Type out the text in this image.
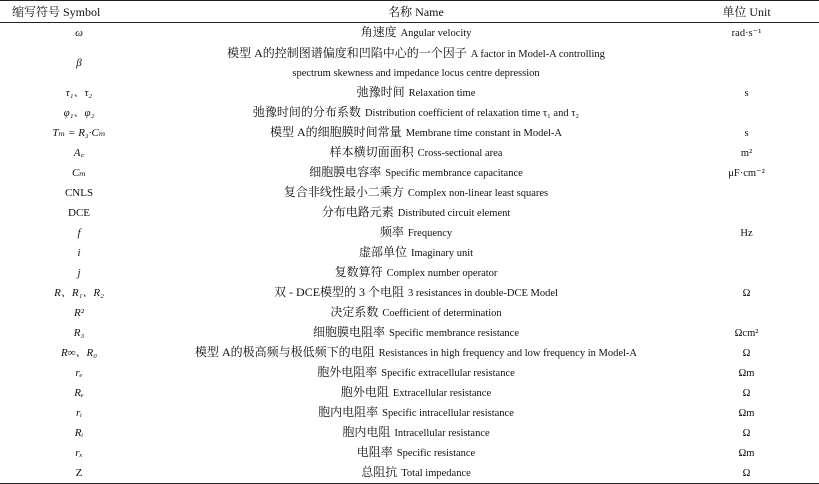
缩写符号 Symbol	名称 Name	单位 Unit
ω	角速度 Angular velocity	rad·s⁻¹
β	模型 A的控制图谱偏度和凹陷中心的一个因子 A factor in Model-A controlling
spectrum skewness and impedance locus centre depression	

τ₁、τ₂	弛豫时间 Relaxation time	s
φ₁、φ₂	弛豫时间的分布系数 Distribution coefficient of relaxation time τ₁ and τ₂	

Tₘ = R₃·Cₘ	模型 A的细胞膜时间常量 Membrane time constant in Model-A	s
A꜀	样本横切面面积 Cross-sectional area	m²
Cₘ	细胞膜电容率 Specific membrance capacitance	μF·cm⁻²
CNLS	复合非线性最小二乘方 Complex non-linear least squares	

DCE	分布电路元素 Distributed circuit element	

f	频率 Frequency	Hz
i	虚部单位 Imaginary unit	

j	复数算符 Complex number operator	

R、R₁、R₂	双 - DCE模型的 3 个电阻 3 resistances in double-DCE Model	Ω
R²	决定系数 Coefficient of determination	

R₃	细胞膜电阻率 Specific membrance resistance	Ωcm²
R∞、R₀	模型 A的极高频与极低频下的电阻 Resistances in high frequency and low frequency in Model-A	Ω
rₑ	胞外电阻率 Specific extracellular resistance	Ωm
Rₑ	胞外电阻 Extracellular resistance	Ω
rᵢ	胞内电阻率 Specific intracellular resistance	Ωm
Rᵢ	胞内电阻 Intracellular resistance	Ω
rₓ	电阻率 Specific resistance	Ωm
Z	总阻抗 Total impedance	Ω
